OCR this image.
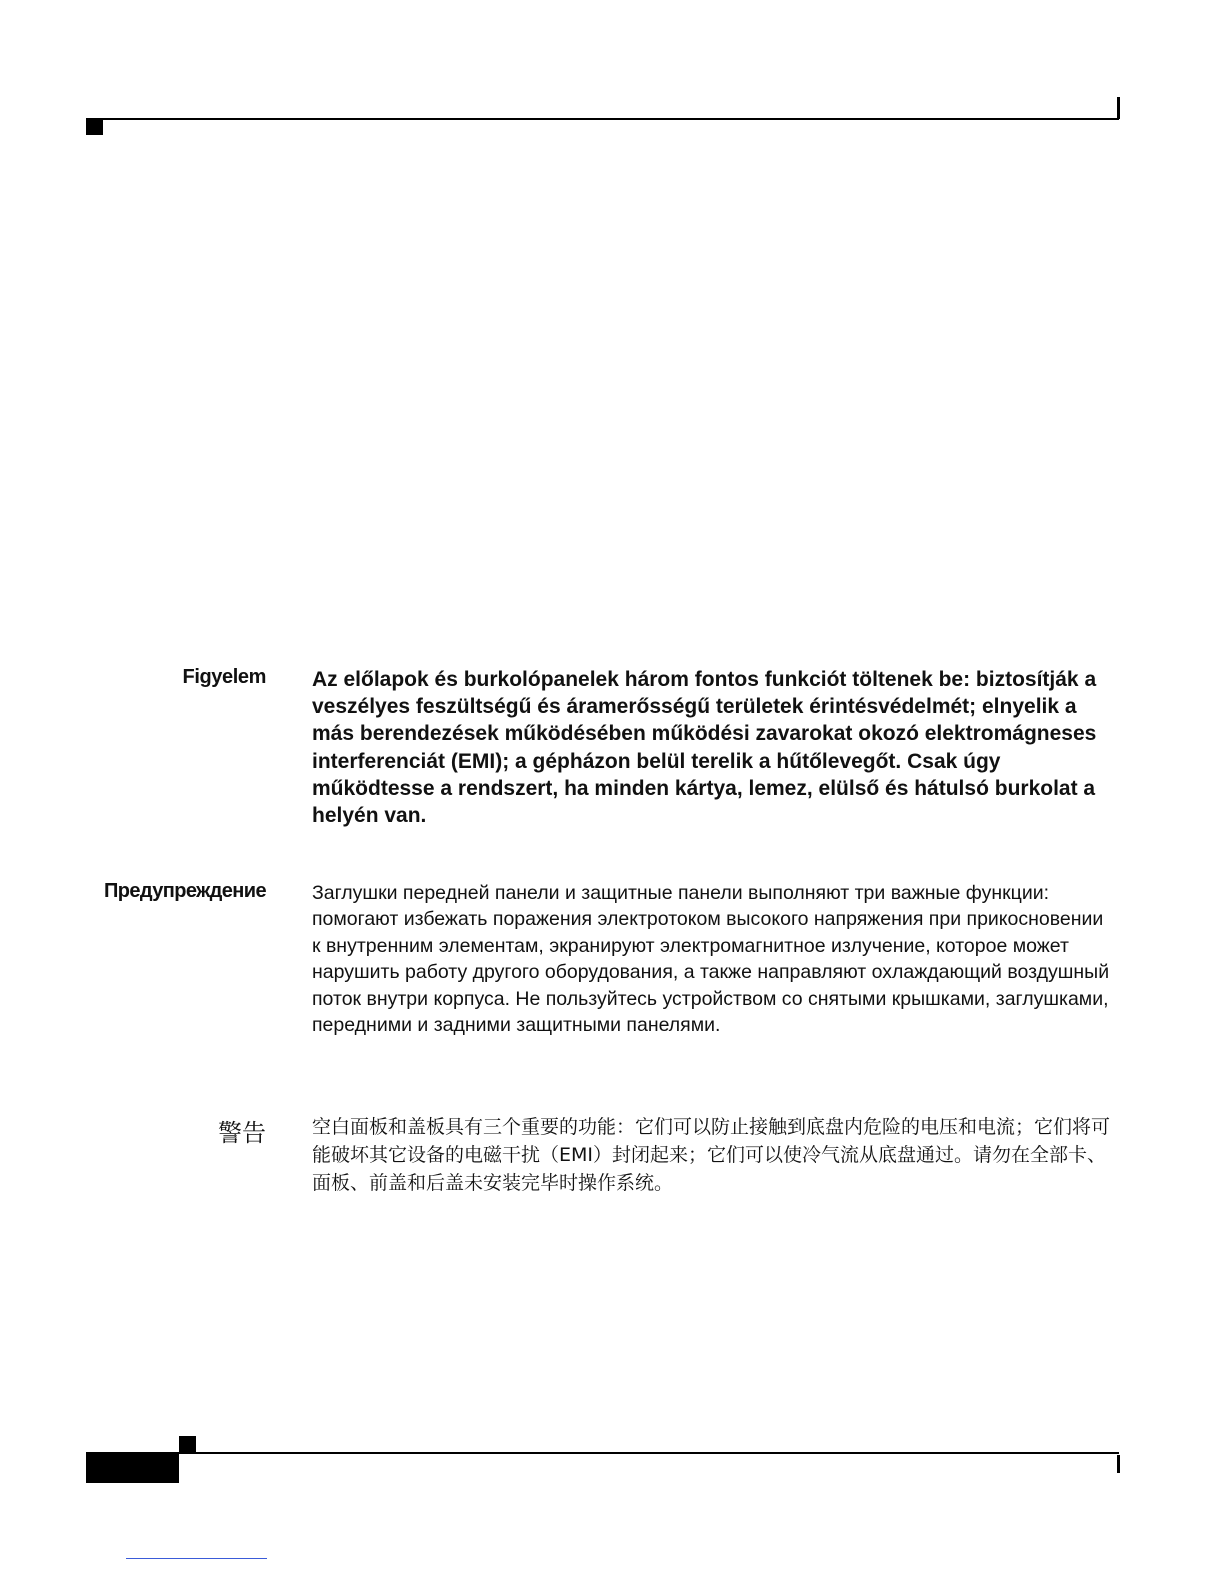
Figyelem Az előlapok és burkolópanelek három fontos funkciót töltenek be: biztosítják a veszélyes feszültségű és áramerősségű területek érintésvédelmét; elnyelik a más berendezések működésében működési zavarokat okozó elektromágneses interferenciát (EMI); a gépházon belül terelik a hűtőlevegőt. Csak úgy működtesse a rendszert, ha minden kártya, lemez, elülső és hátulsó burkolat a helyén van.

Предупреждение Заглушки передней панели и защитные панели выполняют три важные функции: помогают избежать поражения электротоком высокого напряжения при прикосновении к внутренним элементам, экранируют электромагнитное излучение, которое может нарушить работу другого оборудования, а также направляют охлаждающий воздушный поток внутри корпуса. Не пользуйтесь устройством со снятыми крышками, заглушками, передними и задними защитными панелями.

警告 空白面板和盖板具有三个重要的功能：它们可以防止接触到底盘内危险的电压和电流；它们将可能破坏其它设备的电磁干扰（EMI）封闭起来；它们可以使冷气流从底盘通过。请勿在全部卡、面板、前盖和后盖未安装完毕时操作系统。
